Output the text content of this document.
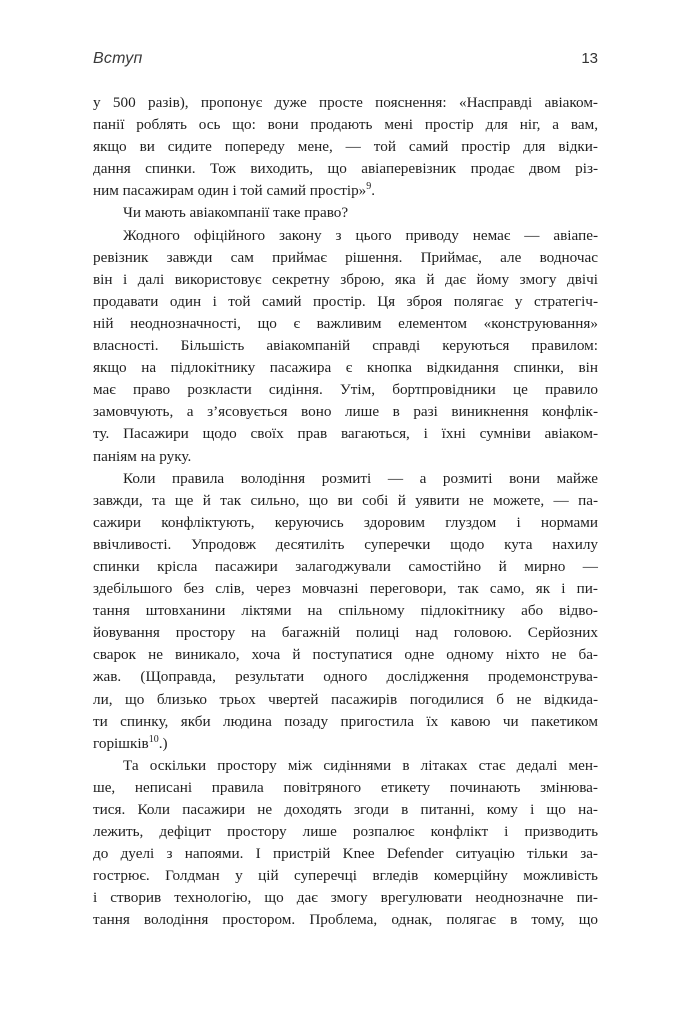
Вступ	13
у 500 разів), пропонує дуже просте пояснення: «Насправді авіаком-
панії роблять ось що: вони продають мені простір для ніг, а вам,
якщо ви сидите попереду мене, — той самий простір для відки-
дання спинки. Тож виходить, що авіаперевізник продає двом різ-
ним пасажирам один і той самий простір»$^9$.
Чи мають авіакомпанії таке право?
Жодного офіційного закону з цього приводу немає — авіапе-
ревізник завжди сам приймає рішення. Приймає, але водночас
він і далі використовує секретну зброю, яка й дає йому змогу двічі
продавати один і той самий простір. Ця зброя полягає у стратегіч-
ній неоднозначності, що є важливим елементом «конструювання»
власності. Більшість авіакомпаній справді керуються правилом:
якщо на підлокітнику пасажира є кнопка відкидання спинки, він
має право розкласти сидіння. Утім, бортпровідники це правило
замовчують, а з’ясовується воно лише в разі виникнення конфлік-
ту. Пасажири щодо своїх прав вагаються, і їхні сумніви авіаком-
паніям на руку.
Коли правила володіння розмиті — а розмиті вони майже
завжди, та ще й так сильно, що ви собі й уявити не можете, — па-
сажири конфліктують, керуючись здоровим глуздом і нормами
ввічливості. Упродовж десятиліть суперечки щодо кута нахилу
спинки крісла пасажири залагоджували самостійно й мирно —
здебільшого без слів, через мовчазні переговори, так само, як і пи-
тання штовханини ліктями на спільному підлокітнику або відво-
йовування простору на багажній полиці над головою. Серйозних
сварок не виникало, хоча й поступатися одне одному ніхто не ба-
жав. (Щоправда, результати одного дослідження продемонструва-
ли, що близько трьох чвертей пасажирів погодилися б не відкида-
ти спинку, якби людина позаду пригостила їх кавою чи пакетиком
горішків$^{10}$.)
Та оскільки простору між сидіннями в літаках стає дедалі мен-
ше, неписані правила повітряного етикету починають змінюва-
тися. Коли пасажири не доходять згоди в питанні, кому і що на-
лежить, дефіцит простору лише розпалює конфлікт і призводить
до дуелі з напоями. І пристрій Knee Defender ситуацію тільки за-
гострює. Голдман у цій суперечці вгледів комерційну можливість
і створив технологію, що дає змогу врегулювати неоднозначне пи-
тання володіння простором. Проблема, однак, полягає в тому, що
